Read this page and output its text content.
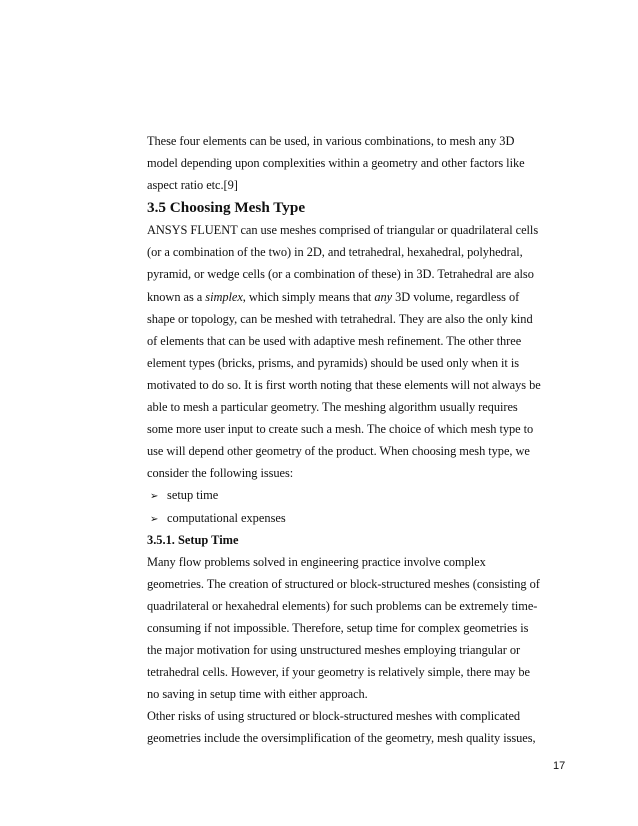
These four elements can be used, in various combinations, to mesh any 3D
model depending upon complexities within a geometry and other factors like
aspect ratio etc.[9]
3.5 Choosing Mesh Type
ANSYS FLUENT can use meshes comprised of triangular or quadrilateral cells
(or a combination of the two) in 2D, and tetrahedral, hexahedral, polyhedral,
pyramid, or wedge cells (or a combination of these) in 3D. Tetrahedral are also
known as a simplex, which simply means that any 3D volume, regardless of
shape or topology, can be meshed with tetrahedral. They are also the only kind
of elements that can be used with adaptive mesh refinement. The other three
element types (bricks, prisms, and pyramids) should be used only when it is
motivated to do so. It is first worth noting that these elements will not always be
able to mesh a particular geometry. The meshing algorithm usually requires
some more user input to create such a mesh. The choice of which mesh type to
use will depend other geometry of the product. When choosing mesh type, we
consider the following issues:
➢ setup time
➢ computational expenses
3.5.1. Setup Time
Many flow problems solved in engineering practice involve complex
geometries. The creation of structured or block-structured meshes (consisting of
quadrilateral or hexahedral elements) for such problems can be extremely time-
consuming if not impossible. Therefore, setup time for complex geometries is
the major motivation for using unstructured meshes employing triangular or
tetrahedral cells. However, if your geometry is relatively simple, there may be
no saving in setup time with either approach.
Other risks of using structured or block-structured meshes with complicated
geometries include the oversimplification of the geometry, mesh quality issues,
17
